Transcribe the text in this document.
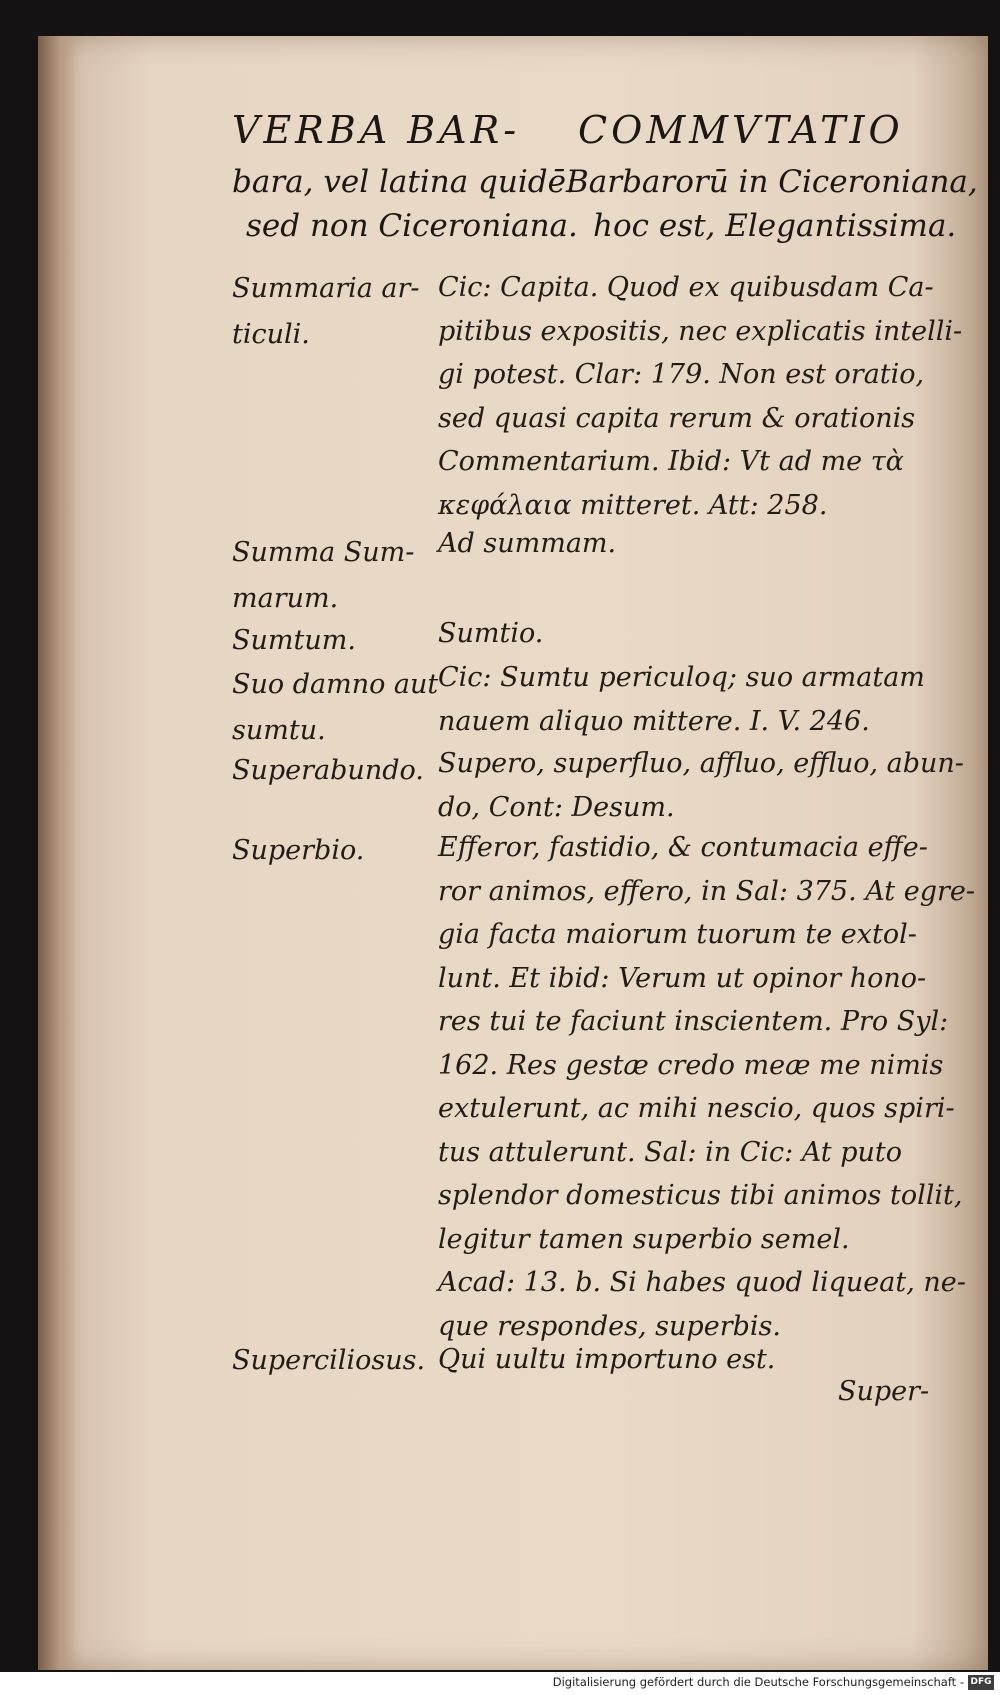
VERBA BAR- COMMVTATIO
bara, vel latina quidē:
sed non Ciceroniana.
Barbarorū in Ciceroniana,
hoc est, Elegantissima.
Summaria ar-
ticuli.
Cic: Capita. Quod ex quibusdam Ca-
pitibus expositis, nec explicatis intelli-
gi potest. Clar: 179. Non est oratio,
sed quasi capita rerum & orationis
Commentarium. Ibid: Vt ad me τὰ
κεφάλαια mitteret. Att: 258.
Summa Sum-
marum.
Ad summam.
Sumtum.	Sumtio.
Suo damno aut
sumtu.
Cic: Sumtu periculoq; suo armatam
nauem aliquo mittere. I. V. 246.
Superabundo. Supero, superfluo, affluo, effluo, abun-
do, Cont: Desum.
Superbio.	Efferor, fastidio, & contumacia effe-
ror animos, effero, in Sal: 375. At egre-
gia facta maiorum tuorum te extol-
lunt. Et ibid: Verum ut opinor hono-
res tui te faciunt inscientem. Pro Syl:
162. Res gestæ credo meæ me nimis
extulerunt, ac mihi nescio, quos spiri-
tus attulerunt. Sal: in Cic: At puto
splendor domesticus tibi animos tollit,
legitur tamen superbio semel.
Acad: 13. b. Si habes quod liqueat, ne-
que respondes, superbis.
Superciliosus. Qui uultu importuno est.
Super-
Digitalisierung gefördert durch die Deutsche Forschungsgemeinschaft - DFG
